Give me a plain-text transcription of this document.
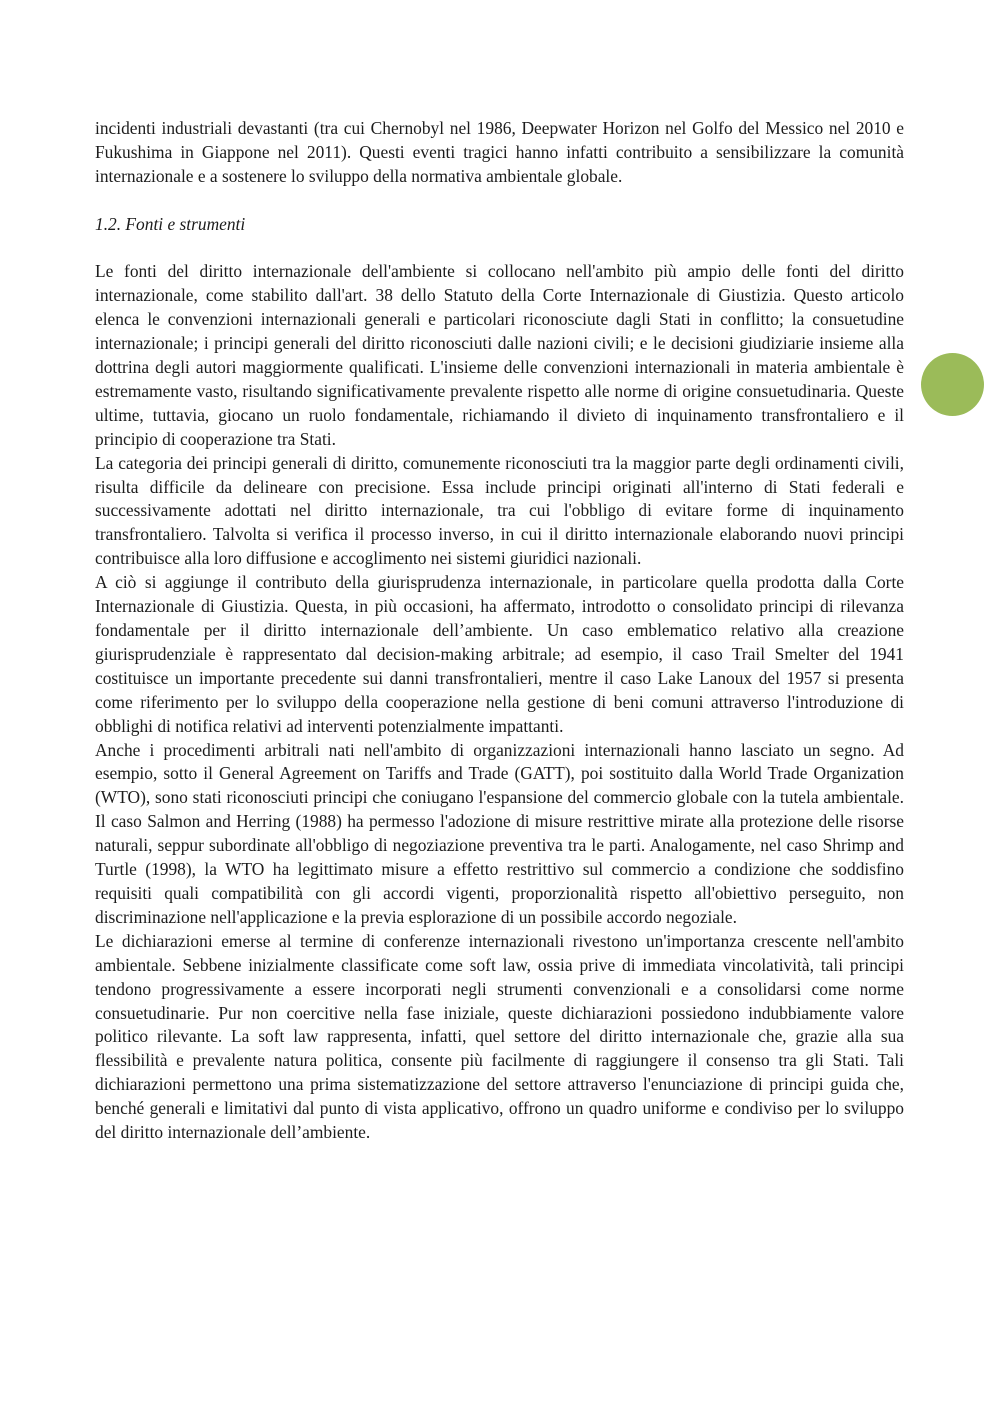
incidenti industriali devastanti (tra cui Chernobyl nel 1986, Deepwater Horizon nel Golfo del Messico nel 2010 e Fukushima in Giappone nel 2011). Questi eventi tragici hanno infatti contribuito a sensibilizzare la comunità internazionale e a sostenere lo sviluppo della normativa ambientale globale.

1.2. Fonti e strumenti

Le fonti del diritto internazionale dell'ambiente si collocano nell'ambito più ampio delle fonti del diritto internazionale, come stabilito dall'art. 38 dello Statuto della Corte Internazionale di Giustizia. Questo articolo elenca le convenzioni internazionali generali e particolari riconosciute dagli Stati in conflitto; la consuetudine internazionale; i principi generali del diritto riconosciuti dalle nazioni civili; e le decisioni giudiziarie insieme alla dottrina degli autori maggiormente qualificati. L'insieme delle convenzioni internazionali in materia ambientale è estremamente vasto, risultando significativamente prevalente rispetto alle norme di origine consuetudinaria. Queste ultime, tuttavia, giocano un ruolo fondamentale, richiamando il divieto di inquinamento transfrontaliero e il principio di cooperazione tra Stati.

La categoria dei principi generali di diritto, comunemente riconosciuti tra la maggior parte degli ordinamenti civili, risulta difficile da delineare con precisione. Essa include principi originati all'interno di Stati federali e successivamente adottati nel diritto internazionale, tra cui l'obbligo di evitare forme di inquinamento transfrontaliero. Talvolta si verifica il processo inverso, in cui il diritto internazionale elaborando nuovi principi contribuisce alla loro diffusione e accoglimento nei sistemi giuridici nazionali.

A ciò si aggiunge il contributo della giurisprudenza internazionale, in particolare quella prodotta dalla Corte Internazionale di Giustizia. Questa, in più occasioni, ha affermato, introdotto o consolidato principi di rilevanza fondamentale per il diritto internazionale dell’ambiente. Un caso emblematico relativo alla creazione giurisprudenziale è rappresentato dal decision-making arbitrale; ad esempio, il caso Trail Smelter del 1941 costituisce un importante precedente sui danni transfrontalieri, mentre il caso Lake Lanoux del 1957 si presenta come riferimento per lo sviluppo della cooperazione nella gestione di beni comuni attraverso l'introduzione di obblighi di notifica relativi ad interventi potenzialmente impattanti.

Anche i procedimenti arbitrali nati nell'ambito di organizzazioni internazionali hanno lasciato un segno. Ad esempio, sotto il General Agreement on Tariffs and Trade (GATT), poi sostituito dalla World Trade Organization (WTO), sono stati riconosciuti principi che coniugano l'espansione del commercio globale con la tutela ambientale. Il caso Salmon and Herring (1988) ha permesso l'adozione di misure restrittive mirate alla protezione delle risorse naturali, seppur subordinate all'obbligo di negoziazione preventiva tra le parti. Analogamente, nel caso Shrimp and Turtle (1998), la WTO ha legittimato misure a effetto restrittivo sul commercio a condizione che soddisfino requisiti quali compatibilità con gli accordi vigenti, proporzionalità rispetto all'obiettivo perseguito, non discriminazione nell'applicazione e la previa esplorazione di un possibile accordo negoziale.

Le dichiarazioni emerse al termine di conferenze internazionali rivestono un'importanza crescente nell'ambito ambientale. Sebbene inizialmente classificate come soft law, ossia prive di immediata vincolatività, tali principi tendono progressivamente a essere incorporati negli strumenti convenzionali e a consolidarsi come norme consuetudinarie. Pur non coercitive nella fase iniziale, queste dichiarazioni possiedono indubbiamente valore politico rilevante. La soft law rappresenta, infatti, quel settore del diritto internazionale che, grazie alla sua flessibilità e prevalente natura politica, consente più facilmente di raggiungere il consenso tra gli Stati. Tali dichiarazioni permettono una prima sistematizzazione del settore attraverso l'enunciazione di principi guida che, benché generali e limitativi dal punto di vista applicativo, offrono un quadro uniforme e condiviso per lo sviluppo del diritto internazionale dell’ambiente.
